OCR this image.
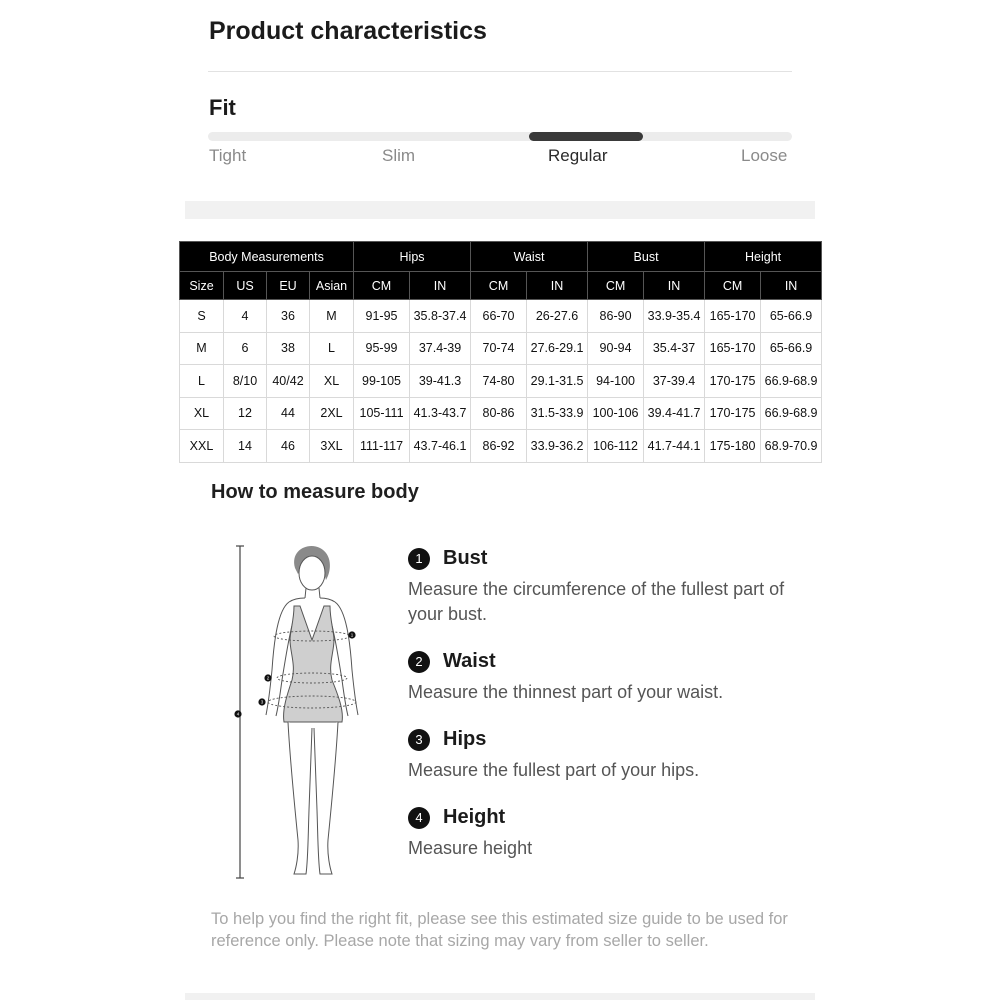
Product characteristics
Fit
Tight	Slim	Regular	Loose
Body Measurements				Hips		Waist		Bust		Height	
Size	US	EU	Asian	CM	IN	CM	IN	CM	IN	CM	IN
S	4	36	M	91-95	35.8-37.4	66-70	26-27.6	86-90	33.9-35.4	165-170	65-66.9
M	6	38	L	95-99	37.4-39	70-74	27.6-29.1	90-94	35.4-37	165-170	65-66.9
L	8/10	40/42	XL	99-105	39-41.3	74-80	29.1-31.5	94-100	37-39.4	170-175	66.9-68.9
XL	12	44	2XL	105-111	41.3-43.7	80-86	31.5-33.9	100-106	39.4-41.7	170-175	66.9-68.9
XXL	14	46	3XL	111-117	43.7-46.1	86-92	33.9-36.2	106-112	41.7-44.1	175-180	68.9-70.9
How to measure body
1
2
3
4
1	Bust
Measure the circumference of the fullest part of your bust.
2	Waist
Measure the thinnest part of your waist.
3	Hips
Measure the fullest part of your hips.
4	Height
Measure height
To help you find the right fit, please see this estimated size guide to be used for reference only. Please note that sizing may vary from seller to seller.
